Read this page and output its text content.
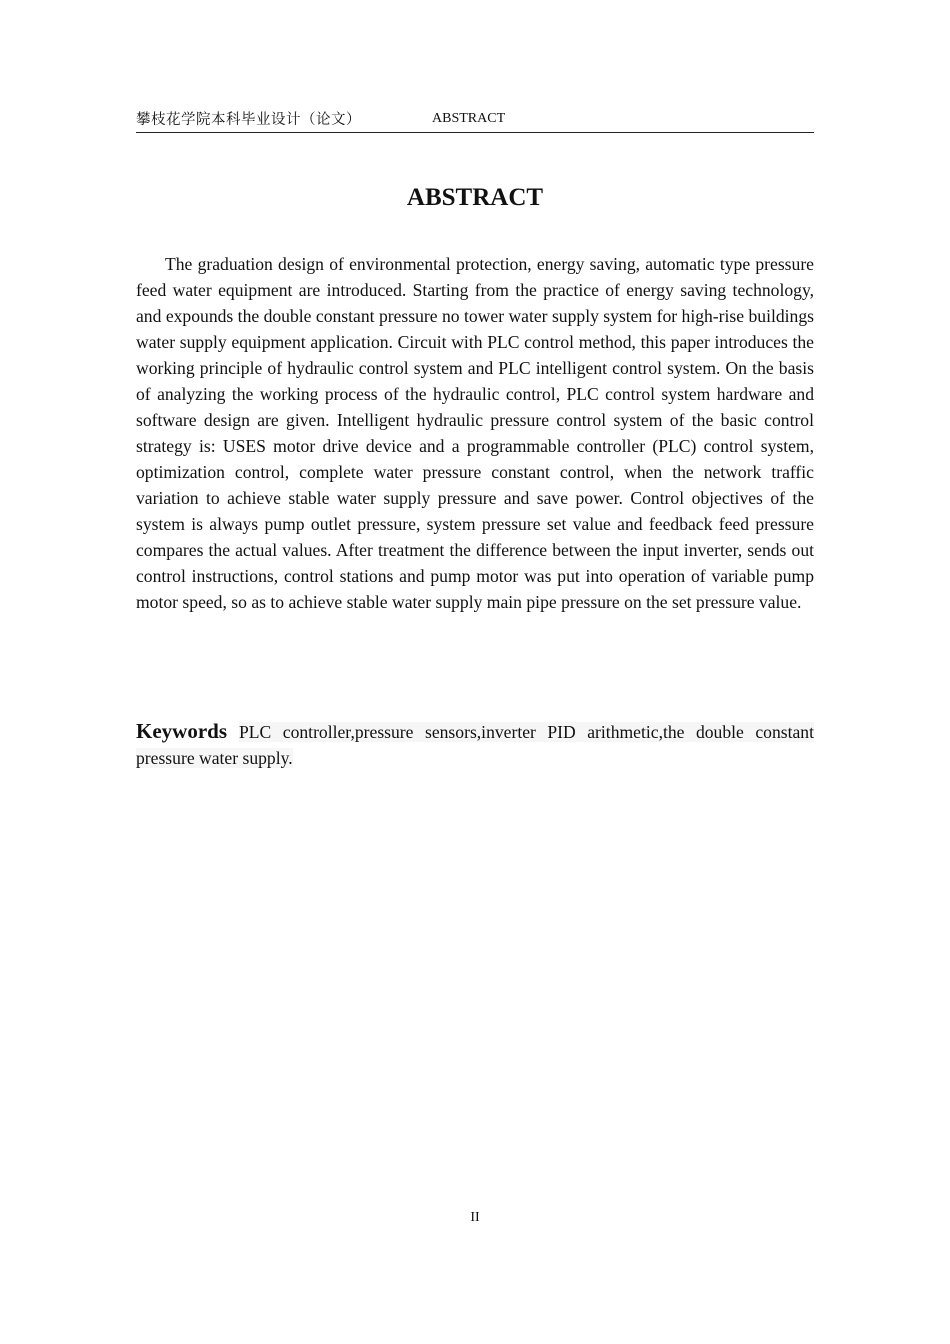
攀枝花学院本科毕业设计（论文）	ABSTRACT
ABSTRACT

The graduation design of environmental protection, energy saving, automatic type pressure feed water equipment are introduced. Starting from the practice of energy saving technology, and expounds the double constant pressure no tower water supply system for high-rise buildings water supply equipment application. Circuit with PLC control method, this paper introduces the working principle of hydraulic control system and PLC intelligent control system. On the basis of analyzing the working process of the hydraulic control, PLC control system hardware and software design are given. Intelligent hydraulic pressure control system of the basic control strategy is: USES motor drive device and a programmable controller (PLC) control system, optimization control, complete water pressure constant control, when the network traffic variation to achieve stable water supply pressure and save power. Control objectives of the system is always pump outlet pressure, system pressure set value and feedback feed pressure compares the actual values. After treatment the difference between the input inverter, sends out control instructions, control stations and pump motor was put into operation of variable pump motor speed, so as to achieve stable water supply main pipe pressure on the set pressure value.

Keywords PLC controller,pressure sensors,inverter PID arithmetic,the double constant pressure water supply.

II
